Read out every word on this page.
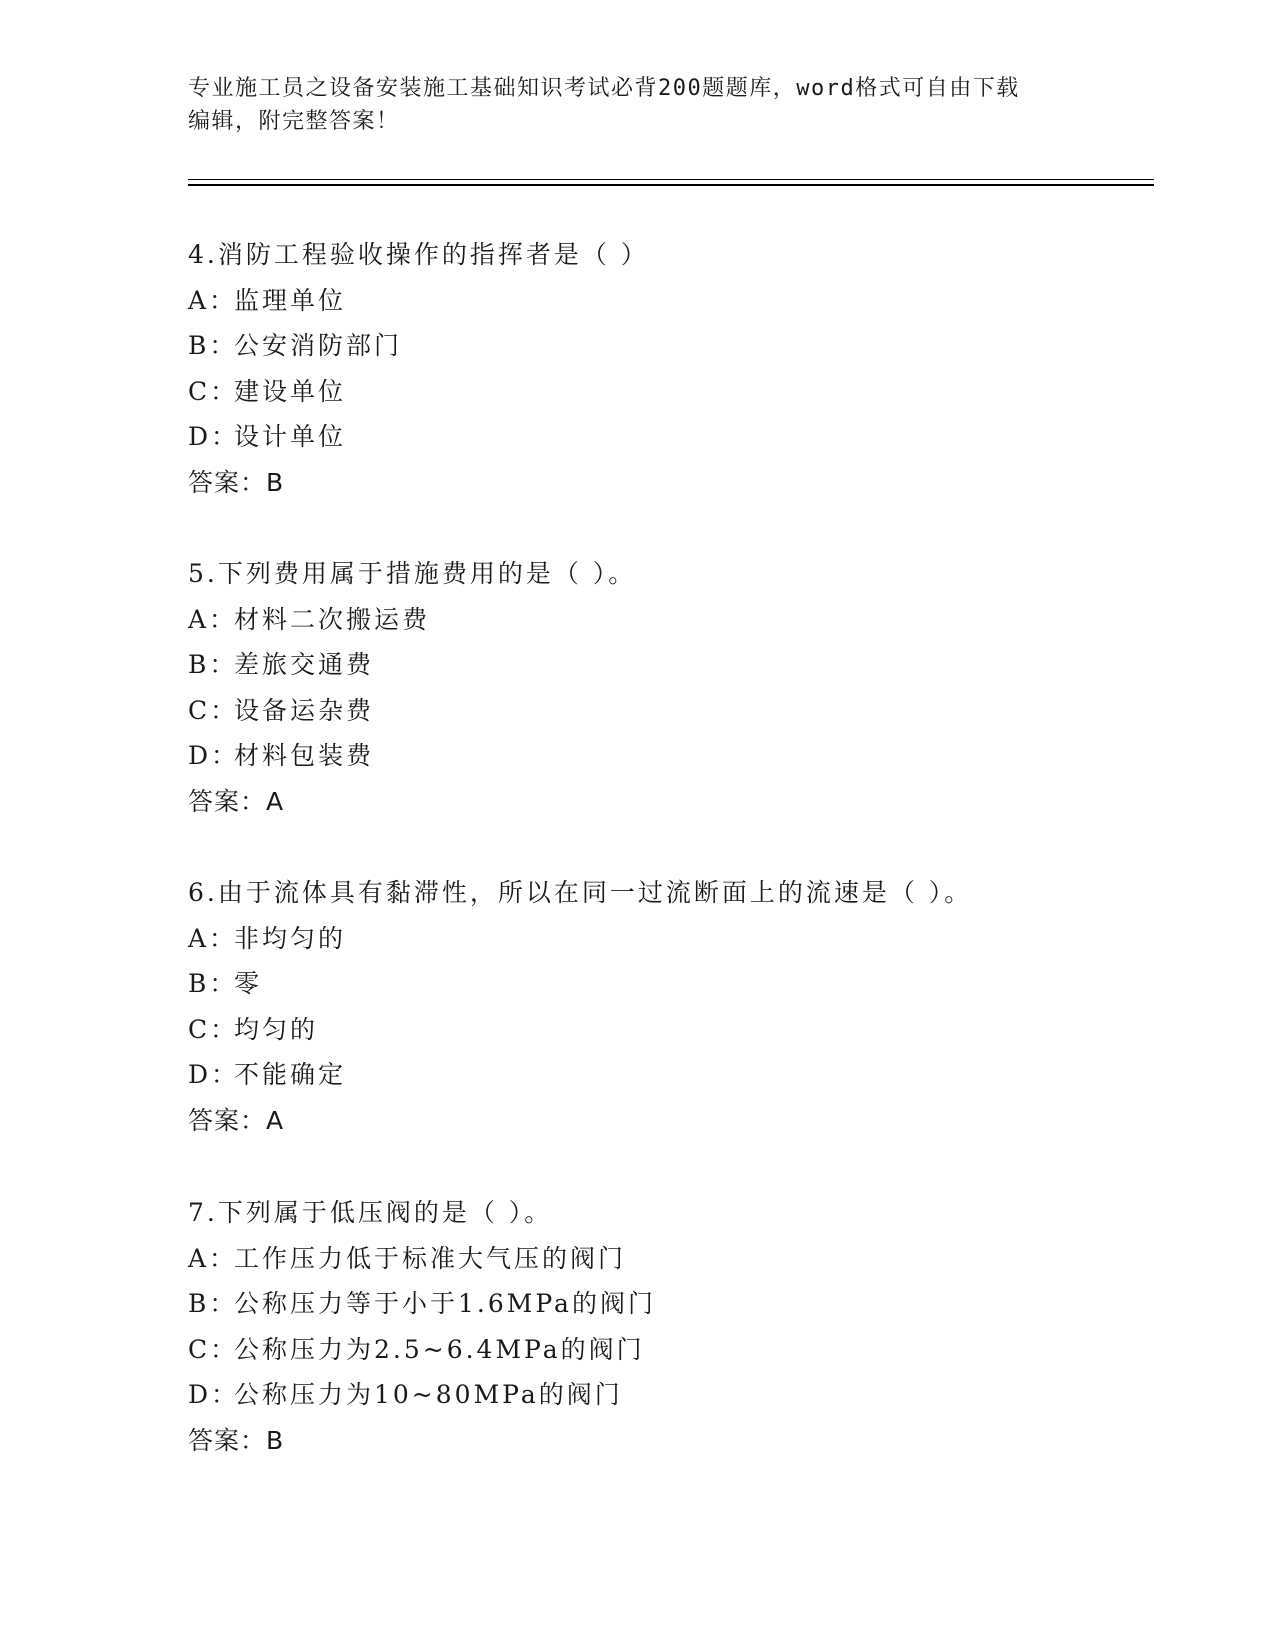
专业施工员之设备安装施工基础知识考试必背200题题库，word格式可自由下载
编辑，附完整答案！
4.消防工程验收操作的指挥者是（ ）
A：监理单位
B：公安消防部门
C：建设单位
D：设计单位
答案：B
5.下列费用属于措施费用的是（ ）。
A：材料二次搬运费
B：差旅交通费
C：设备运杂费
D：材料包装费
答案：A
6.由于流体具有黏滞性，所以在同一过流断面上的流速是（ ）。
A：非均匀的
B：零
C：均匀的
D：不能确定
答案：A
7.下列属于低压阀的是（ ）。
A：工作压力低于标准大气压的阀门
B：公称压力等于小于1.6MPa的阀门
C：公称压力为2.5~6.4MPa的阀门
D：公称压力为10~80MPa的阀门
答案：B
